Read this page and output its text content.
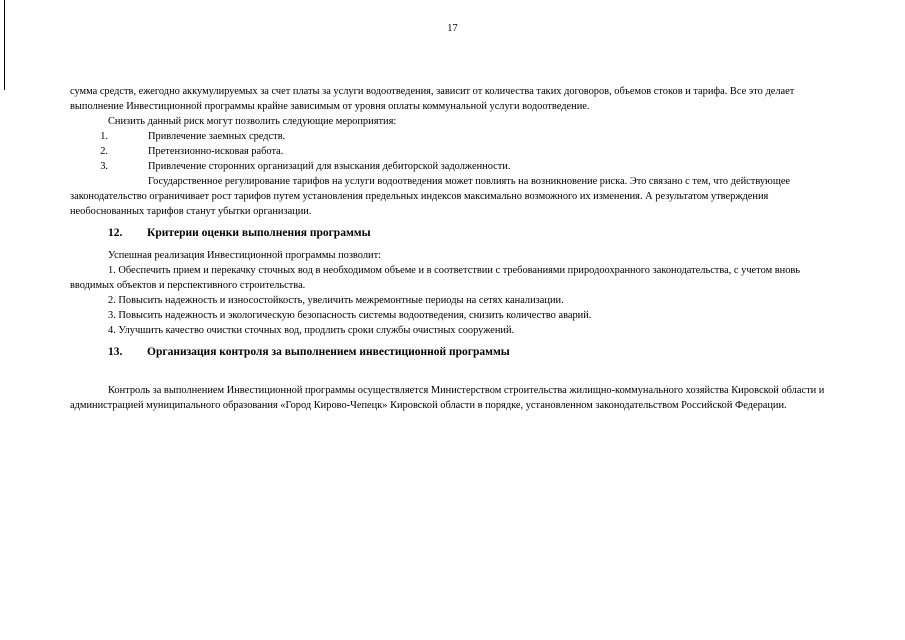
17

сумма средств, ежегодно аккумулируемых за счет платы за услуги водоотведения, зависит от количества таких договоров, объемов стоков и тарифа. Все это делает выполнение Инвестиционной программы крайне зависимым от уровня оплаты коммунальной услуги водоотведение.

Снизить данный риск могут позволить следующие мероприятия:

1.	Привлечение заемных средств.
2.	Претензионно-исковая работа.
3.	Привлечение сторонних организаций для взыскания дебиторской задолженности.

Государственное регулирование тарифов на услуги водоотведения может повлиять на возникновение риска. Это связано с тем, что действующее законодательство ограничивает рост тарифов путем установления предельных индексов максимально возможного их изменения. А результатом утверждения необоснованных тарифов станут убытки организации.

12.	Критерии оценки выполнения программы

Успешная реализация Инвестиционной программы позволит:

1. Обеспечить прием и перекачку сточных вод в необходимом объеме и в соответствии с требованиями природоохранного законодательства, с учетом вновь вводимых объектов и перспективного строительства.

2. Повысить надежность и износостойкость, увеличить межремонтные периоды на сетях канализации.

3. Повысить надежность и экологическую безопасность системы водоотведения, снизить количество аварий.

4. Улучшить качество очистки сточных вод, продлить сроки службы очистных сооружений.

13.	Организация контроля за выполнением инвестиционной программы

Контроль за выполнением Инвестиционной программы осуществляется Министерством строительства жилищно-коммунального хозяйства Кировской области и администрацией муниципального образования «Город Кирово-Чепецк» Кировской области в порядке, установленном законодательством Российской Федерации.
